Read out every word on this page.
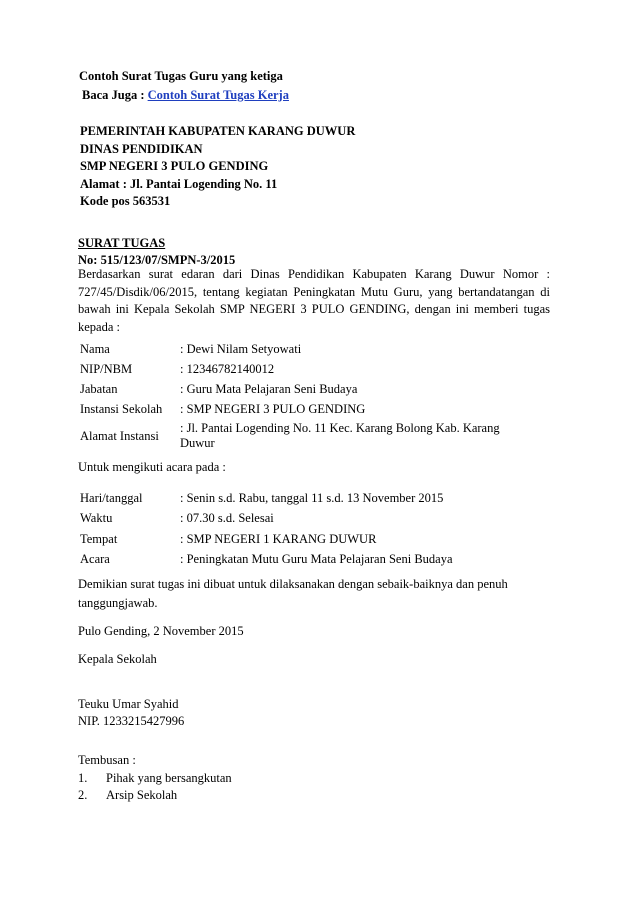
Contoh Surat Tugas Guru yang ketiga
Baca Juga : Contoh Surat Tugas Kerja
PEMERINTAH KABUPATEN KARANG DUWUR
DINAS PENDIDIKAN
SMP NEGERI 3 PULO GENDING
Alamat : Jl. Pantai Logending No. 11
Kode pos 563531
SURAT TUGAS
No: 515/123/07/SMPN-3/2015
Berdasarkan surat edaran dari Dinas Pendidikan Kabupaten Karang Duwur Nomor : 727/45/Disdik/06/2015, tentang kegiatan Peningkatan Mutu Guru, yang bertandatangan di bawah ini Kepala Sekolah SMP NEGERI 3 PULO GENDING, dengan ini memberi tugas kepada :
Nama	: Dewi Nilam Setyowati
NIP/NBM	: 12346782140012
Jabatan	: Guru Mata Pelajaran Seni Budaya
Instansi Sekolah	: SMP NEGERI 3 PULO GENDING
Alamat Instansi	: Jl. Pantai Logending No. 11 Kec. Karang Bolong Kab. Karang Duwur
Untuk mengikuti acara pada :
Hari/tanggal	: Senin s.d. Rabu, tanggal 11 s.d. 13 November 2015
Waktu	: 07.30 s.d. Selesai
Tempat	: SMP NEGERI 1 KARANG DUWUR
Acara	: Peningkatan Mutu Guru Mata Pelajaran Seni Budaya
Demikian surat tugas ini dibuat untuk dilaksanakan dengan sebaik-baiknya dan penuh tanggungjawab.
Pulo Gending, 2 November 2015
Kepala Sekolah
Teuku Umar Syahid
NIP. 1233215427996
Tembusan :
1.	Pihak yang bersangkutan
2.	Arsip Sekolah
